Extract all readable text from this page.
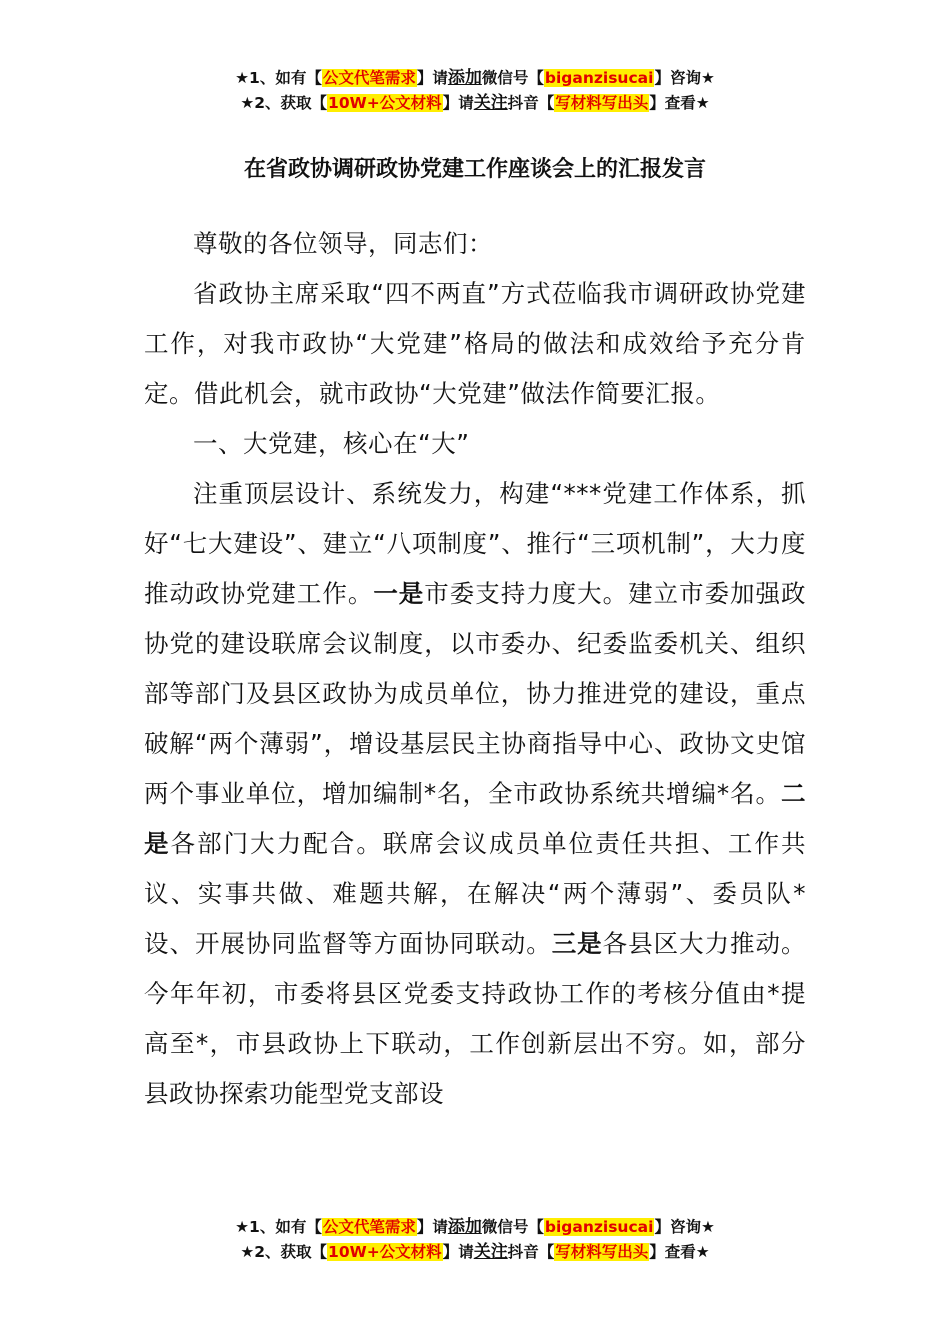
★1、如有【公文代笔需求】请添加微信号【biganzisucai】咨询★
★2、获取【10W+公文材料】请关注抖音【写材料写出头】查看★
在省政协调研政协党建工作座谈会上的汇报发言

尊敬的各位领导，同志们：

省政协主席采取“四不两直”方式莅临我市调研政协党建工作，对我市政协“大党建”格局的做法和成效给予充分肯定。借此机会，就市政协“大党建”做法作简要汇报。

一、大党建，核心在“大”

注重顶层设计、系统发力，构建“***党建工作体系，抓好“七大建设”、建立“八项制度”、推行“三项机制”，大力度推动政协党建工作。一是市委支持力度大。建立市委加强政协党的建设联席会议制度，以市委办、纪委监委机关、组织部等部门及县区政协为成员单位，协力推进党的建设，重点破解“两个薄弱”，增设基层民主协商指导中心、政协文史馆两个事业单位，增加编制*名，全市政协系统共增编*名。二是各部门大力配合。联席会议成员单位责任共担、工作共议、实事共做、难题共解，在解决“两个薄弱”、委员队*设、开展协同监督等方面协同联动。三是各县区大力推动。今年年初，市委将县区党委支持政协工作的考核分值由*提高至*，市县政协上下联动，工作创新层出不穷。如，部分县政协探索功能型党支部设

★1、如有【公文代笔需求】请添加微信号【biganzisucai】咨询★
★2、获取【10W+公文材料】请关注抖音【写材料写出头】查看★
